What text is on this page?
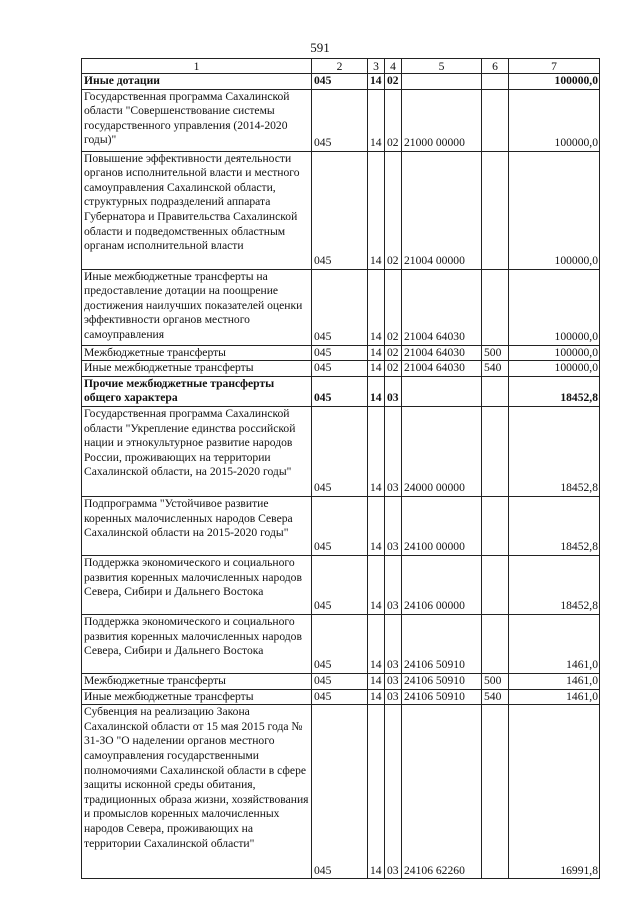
591
1	2	3	4	5	6	7
Иные дотации	045	14	02			100000,0
Государственная программа Сахалинской области "Совершенствование системы государственного управления (2014-2020 годы)"	045	14	02	21000 00000		100000,0
Повышение эффективности деятельности органов исполнительной власти и местного самоуправления Сахалинской области, структурных подразделений аппарата Губернатора и Правительства Сахалинской области и подведомственных областным органам исполнительной власти	045	14	02	21004 00000		100000,0
Иные межбюджетные трансферты на предоставление дотации на поощрение достижения наилучших показателей оценки эффективности органов местного самоуправления	045	14	02	21004 64030		100000,0
Межбюджетные трансферты	045	14	02	21004 64030	500	100000,0
Иные межбюджетные трансферты	045	14	02	21004 64030	540	100000,0
Прочие межбюджетные трансферты общего характера	045	14	03			18452,8
Государственная программа Сахалинской области "Укрепление единства российской нации и этнокультурное развитие народов России, проживающих на территории Сахалинской области, на 2015-2020 годы"	045	14	03	24000 00000		18452,8
Подпрограмма "Устойчивое развитие коренных малочисленных народов Севера Сахалинской области на 2015-2020 годы"	045	14	03	24100 00000		18452,8
Поддержка экономического и социального развития коренных малочисленных народов Севера, Сибири и Дальнего Востока	045	14	03	24106 00000		18452,8
Поддержка экономического и социального развития коренных малочисленных народов Севера, Сибири и Дальнего Востока	045	14	03	24106 50910		1461,0
Межбюджетные трансферты	045	14	03	24106 50910	500	1461,0
Иные межбюджетные трансферты	045	14	03	24106 50910	540	1461,0
Субвенция на реализацию Закона Сахалинской области от 15 мая 2015 года № 31-ЗО "О наделении органов местного самоуправления государственными полномочиями Сахалинской области в сфере защиты исконной среды обитания, традиционных образа жизни, хозяйствования и промыслов коренных малочисленных народов Севера, проживающих на территории Сахалинской области"	045	14	03	24106 62260		16991,8
